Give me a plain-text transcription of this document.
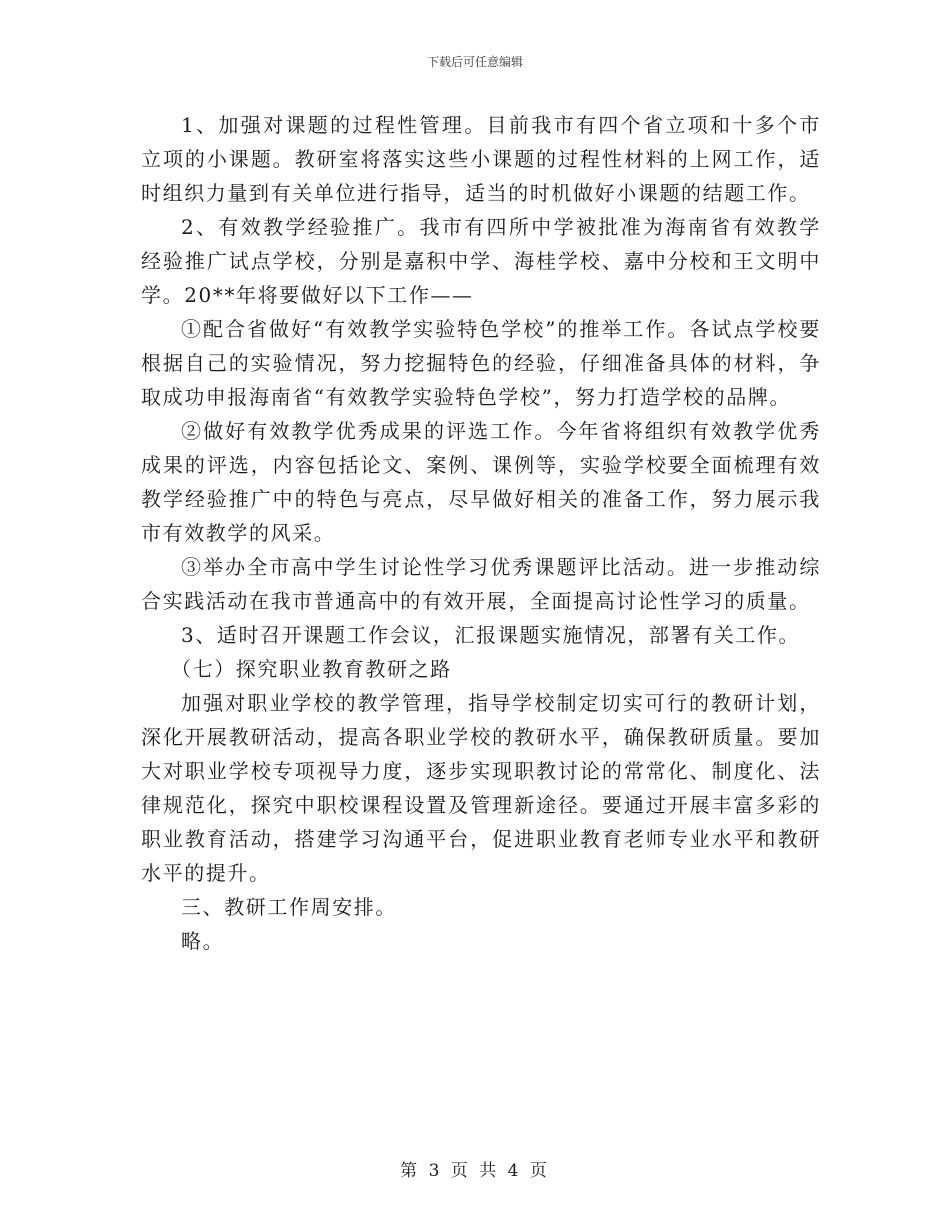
下载后可任意编辑

1、加强对课题的过程性管理。目前我市有四个省立项和十多个市立项的小课题。教研室将落实这些小课题的过程性材料的上网工作，适时组织力量到有关单位进行指导，适当的时机做好小课题的结题工作。

2、有效教学经验推广。我市有四所中学被批准为海南省有效教学经验推广试点学校，分别是嘉积中学、海桂学校、嘉中分校和王文明中学。20**年将要做好以下工作——

①配合省做好“有效教学实验特色学校”的推举工作。各试点学校要根据自己的实验情况，努力挖掘特色的经验，仔细准备具体的材料，争取成功申报海南省“有效教学实验特色学校”，努力打造学校的品牌。

②做好有效教学优秀成果的评选工作。今年省将组织有效教学优秀成果的评选，内容包括论文、案例、课例等，实验学校要全面梳理有效教学经验推广中的特色与亮点，尽早做好相关的准备工作，努力展示我市有效教学的风采。

③举办全市高中学生讨论性学习优秀课题评比活动。进一步推动综合实践活动在我市普通高中的有效开展，全面提高讨论性学习的质量。

3、适时召开课题工作会议，汇报课题实施情况，部署有关工作。

（七）探究职业教育教研之路

加强对职业学校的教学管理，指导学校制定切实可行的教研计划，深化开展教研活动，提高各职业学校的教研水平，确保教研质量。要加大对职业学校专项视导力度，逐步实现职教讨论的常常化、制度化、法律规范化，探究中职校课程设置及管理新途径。要通过开展丰富多彩的职业教育活动，搭建学习沟通平台，促进职业教育老师专业水平和教研水平的提升。

三、教研工作周安排。

略。

第 3 页 共 4 页
